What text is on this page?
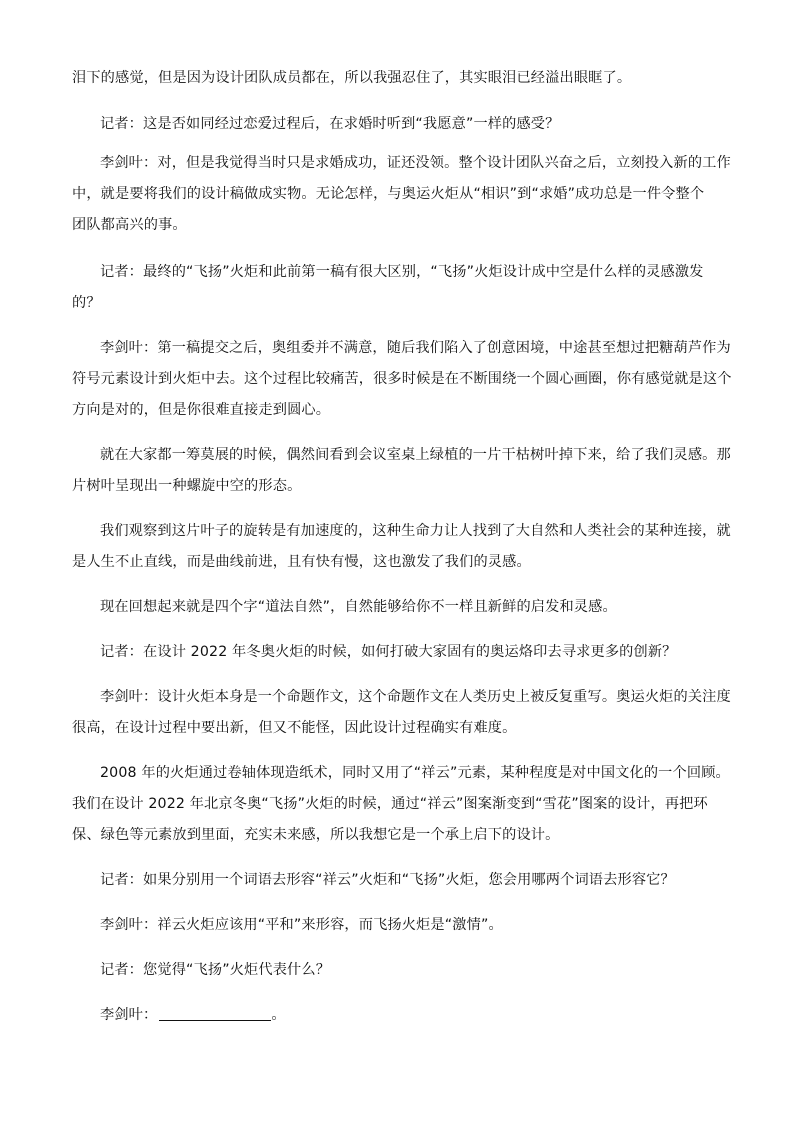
泪下的感觉，但是因为设计团队成员都在，所以我强忍住了，其实眼泪已经溢出眼眶了。

记者：这是否如同经过恋爱过程后，在求婚时听到“我愿意”一样的感受？

李剑叶：对，但是我觉得当时只是求婚成功，证还没领。整个设计团队兴奋之后，立刻投入新的工作
中，就是要将我们的设计稿做成实物。无论怎样，与奥运火炬从“相识”到“求婚”成功总是一件令整个
团队都高兴的事。

记者：最终的“飞扬”火炬和此前第一稿有很大区别，“飞扬”火炬设计成中空是什么样的灵感激发
的？

李剑叶：第一稿提交之后，奥组委并不满意，随后我们陷入了创意困境，中途甚至想过把糖葫芦作为
符号元素设计到火炬中去。这个过程比较痛苦，很多时候是在不断围绕一个圆心画圈，你有感觉就是这个
方向是对的，但是你很难直接走到圆心。

就在大家都一筹莫展的时候，偶然间看到会议室桌上绿植的一片干枯树叶掉下来，给了我们灵感。那
片树叶呈现出一种螺旋中空的形态。

我们观察到这片叶子的旋转是有加速度的，这种生命力让人找到了大自然和人类社会的某种连接，就
是人生不止直线，而是曲线前进，且有快有慢，这也激发了我们的灵感。

现在回想起来就是四个字“道法自然”，自然能够给你不一样且新鲜的启发和灵感。

记者：在设计 2022 年冬奥火炬的时候，如何打破大家固有的奥运烙印去寻求更多的创新？

李剑叶：设计火炬本身是一个命题作文，这个命题作文在人类历史上被反复重写。奥运火炬的关注度
很高，在设计过程中要出新，但又不能怪，因此设计过程确实有难度。

2008 年的火炬通过卷轴体现造纸术，同时又用了“祥云”元素，某种程度是对中国文化的一个回顾。
我们在设计 2022 年北京冬奥“飞扬”火炬的时候，通过“祥云”图案渐变到“雪花”图案的设计，再把环
保、绿色等元素放到里面，充实未来感，所以我想它是一个承上启下的设计。

记者：如果分别用一个词语去形容“祥云”火炬和“飞扬”火炬，您会用哪两个词语去形容它？

李剑叶：祥云火炬应该用“平和”来形容，而飞扬火炬是“激情”。

记者：您觉得“飞扬”火炬代表什么？

李剑叶：	。
